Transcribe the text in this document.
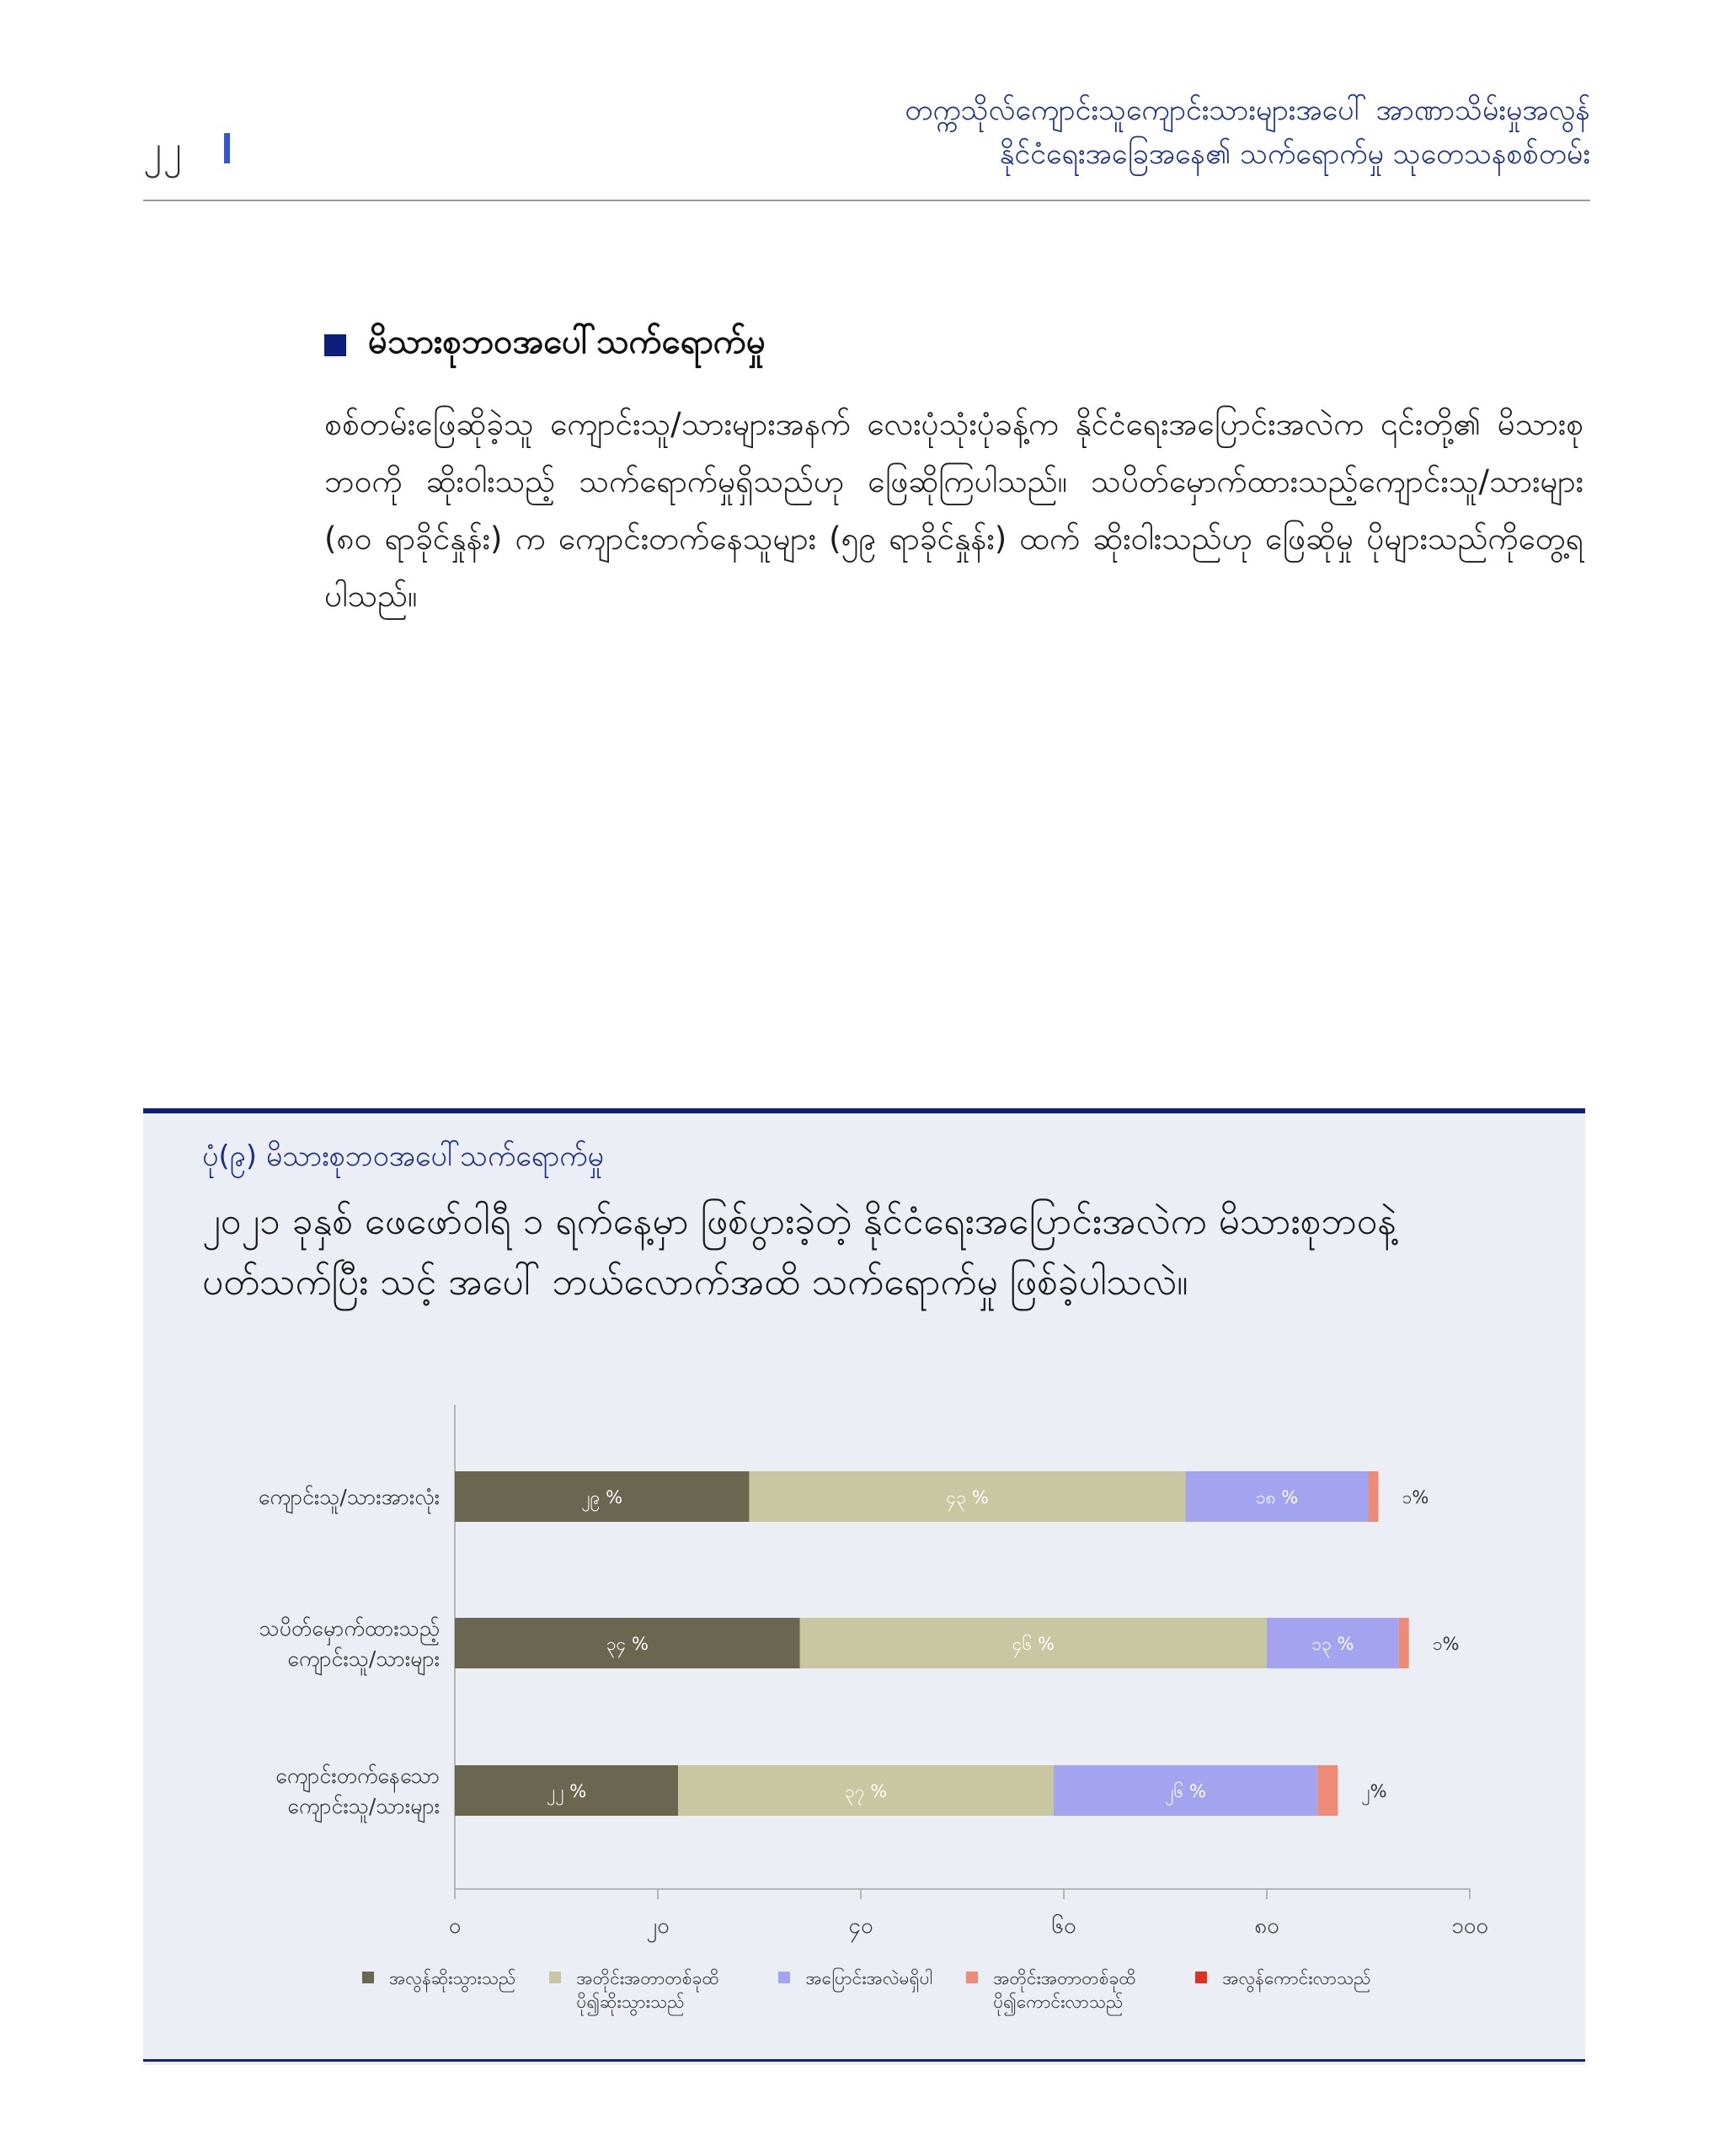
၂၂
တက္ကသိုလ်ကျောင်းသူကျောင်းသားများအပေါ် အာဏာသိမ်းမှုအလွန်
နိုင်ငံရေးအခြေအနေ၏ သက်ရောက်မှု သုတေသနစစ်တမ်း
မိသားစုဘဝအပေါ်သက်ရောက်မှု
စစ်တမ်းဖြေဆိုခဲ့သူ ကျောင်းသူ/သားများအနက် လေးပုံသုံးပုံခန့်က နိုင်ငံရေးအပြောင်းအလဲက ၎င်းတို့၏ မိသားစုဘဝကို ဆိုးဝါးသည့် သက်ရောက်မှုရှိသည်ဟု ဖြေဆိုကြပါသည်။ သပိတ်မှောက်ထားသည့်ကျောင်းသူ/သားများ (၈၀ ရာခိုင်နှုန်း) က ကျောင်းတက်နေသူများ (၅၉ ရာခိုင်နှုန်း) ထက် ဆိုးဝါးသည်ဟု ဖြေဆိုမှု ပိုများသည်ကိုတွေ့ရပါသည်။
ပုံ(၉) မိသားစုဘဝအပေါ်သက်ရောက်မှု
၂၀၂၁ ခုနှစ် ဖေဖော်ဝါရီ ၁ ရက်နေ့မှာ ဖြစ်ပွားခဲ့တဲ့ နိုင်ငံရေးအပြောင်းအလဲက မိသားစုဘဝနဲ့ ပတ်သက်ပြီး သင့် အပေါ် ဘယ်လောက်အထိ သက်ရောက်မှု ဖြစ်ခဲ့ပါသလဲ။
၀	၂၀	၄၀	၆၀	၈၀	၁၀၀
ကျောင်းသူ/သားအားလုံး	၂၉ %	၄၃ %	၁၈ %	၁%
သပိတ်မှောက်ထားသည့်
ကျောင်းသူ/သားများ
၃၄ %	၄၆ %	၁၃ %	၁%
ကျောင်းတက်နေသော
ကျောင်းသူ/သားများ
၂၂ %	၃၇ %	၂၆ %	၂%
အလွန်ဆိုးသွားသည်	အတိုင်းအတာတစ်ခုထိ ပို၍ဆိုးသွားသည်
အပြောင်းအလဲမရှိပါ	အတိုင်းအတာတစ်ခုထိ ပို၍ကောင်းလာသည်
အလွန်ကောင်းလာသည်
